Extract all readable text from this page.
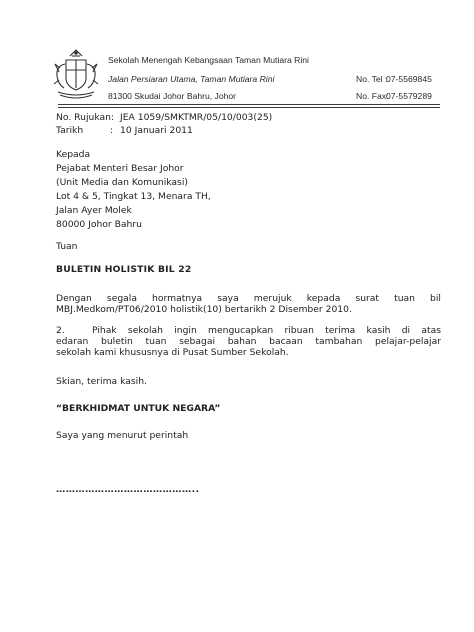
Sekolah Menengah Kebangsaan Taman Mutiara Rini
Jalan Persiaran Utama, Taman Mutiara Rini
81300 Skudai Johor Bahru, Johor
No. Tel :
07-5569845
No. Fax:
07-5579289
No. Rujukan: JEA 1059/SMKTMR/05/10/003(25)
Tarikh	: 10 Januari 2011
Kepada
Pejabat Menteri Besar Johor
(Unit Media dan Komunikasi)
Lot 4 & 5, Tingkat 13, Menara TH,
Jalan Ayer Molek
80000 Johor Bahru
Tuan
BULETIN HOLISTIK BIL 22
Dengan segala hormatnya saya merujuk kepada surat tuan bil
MBJ.Medkom/PT06/2010 holistik(10) bertarikh 2 Disember 2010.
2.	Pihak sekolah ingin mengucapkan ribuan terima kasih di atas
edaran buletin tuan sebagai bahan bacaan tambahan pelajar-pelajar
sekolah kami khususnya di Pusat Sumber Sekolah.
Skian, terima kasih.
“BERKHIDMAT UNTUK NEGARA”
Saya yang menurut perintah
……………………………………..
